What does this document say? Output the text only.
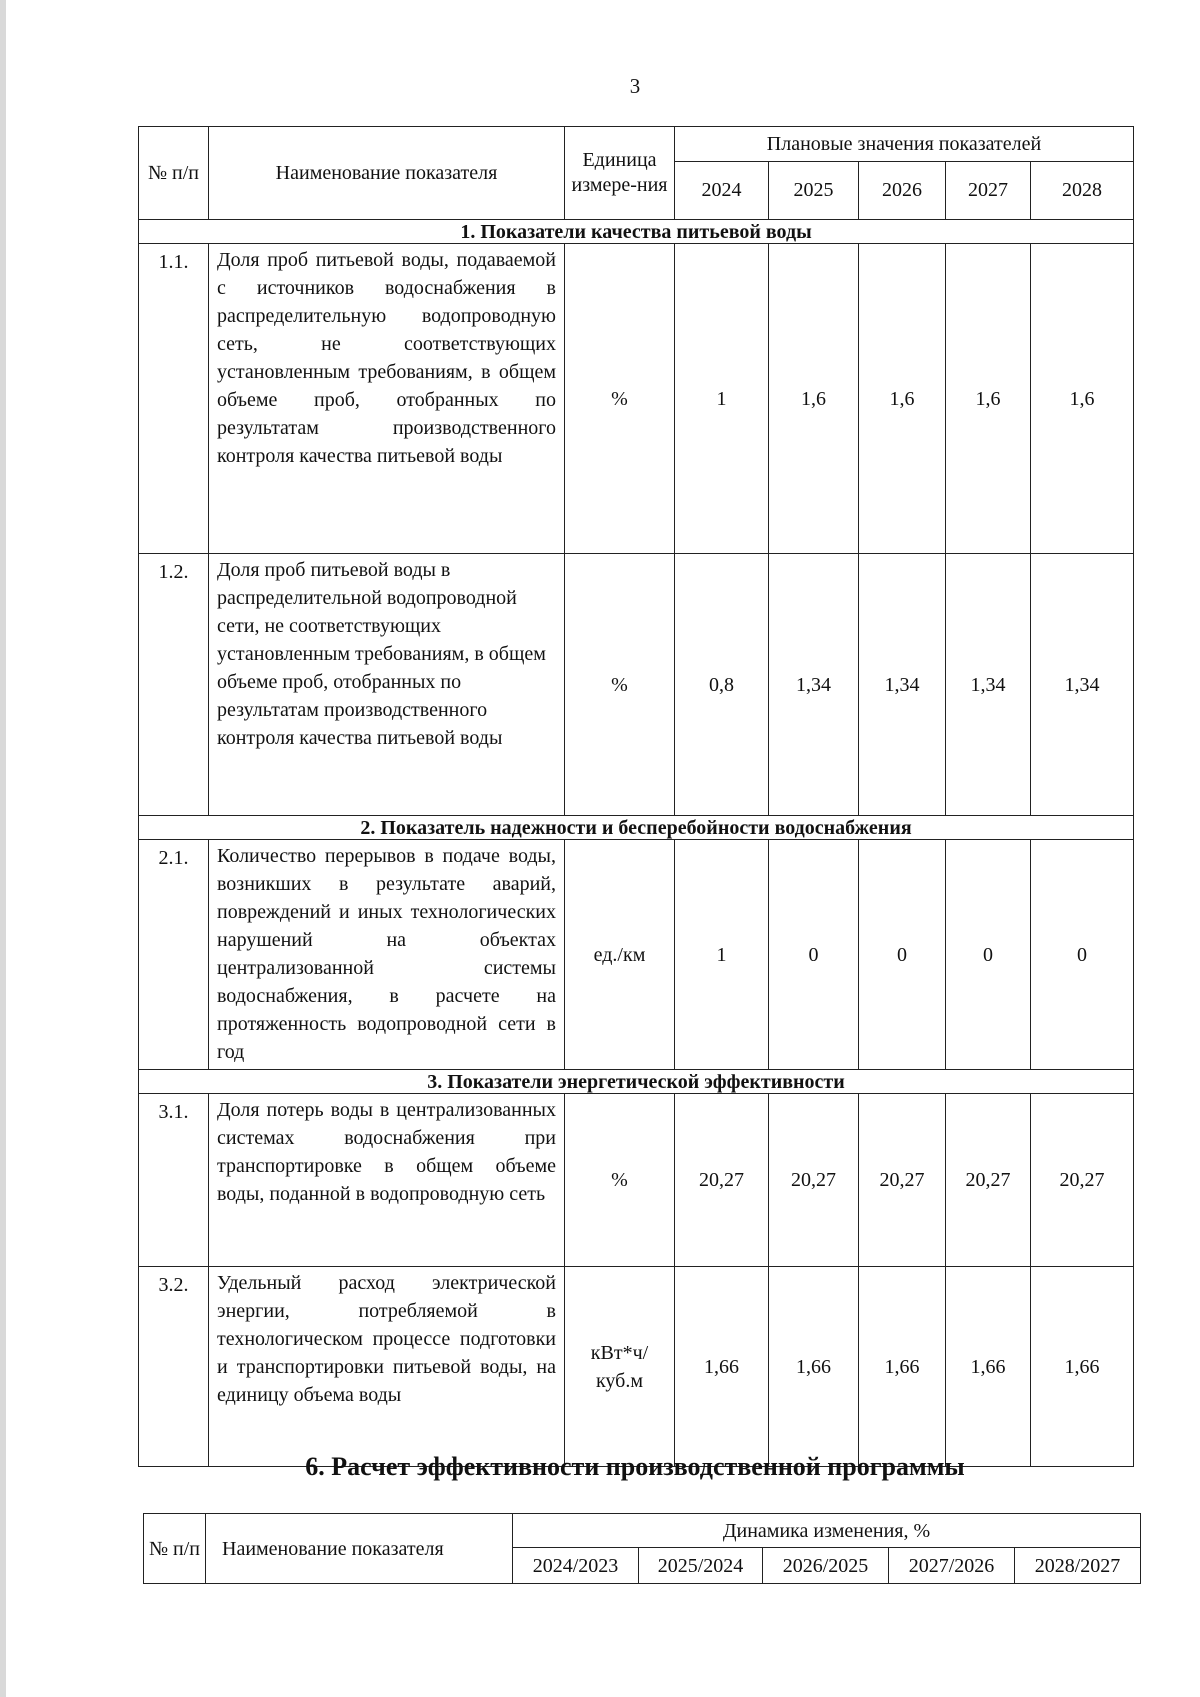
3
№ п/п	Наименование показателя	Единица измере-ния	Плановые значения показателей				
			2024	2025	2026	2027	2028
1. Показатели качества питьевой воды							
1.1.	Доля проб питьевой воды, подаваемой с источников водоснабжения в распределительную водопроводную сеть, не соответствующих установленным требованиям, в общем объеме проб, отобранных по результатам производственного контроля качества питьевой воды	%	1	1,6	1,6	1,6	1,6
1.2.	Доля проб питьевой воды в распределительной водопроводной сети, не соответствующих установленным требованиям, в общем объеме проб, отобранных по результатам производственного контроля качества питьевой воды	%	0,8	1,34	1,34	1,34	1,34
2. Показатель надежности и бесперебойности водоснабжения							
2.1.	Количество перерывов в подаче воды, возникших в результате аварий, повреждений и иных технологических нарушений на объектах централизованной системы водоснабжения, в расчете на протяженность водопроводной сети в год	ед./км	1	0	0	0	0
3. Показатели энергетической эффективности							
3.1.	Доля потерь воды в централизованных системах водоснабжения при транспортировке в общем объеме воды, поданной в водопроводную сеть	%	20,27	20,27	20,27	20,27	20,27
3.2.	Удельный расход электрической энергии, потребляемой в технологическом процессе подготовки и транспортировки питьевой воды, на единицу объема воды	кВт*ч/ куб.м	1,66	1,66	1,66	1,66	1,66
6. Расчет эффективности производственной программы
№ п/п	Наименование показателя	Динамика изменения, %				
		2024/2023	2025/2024	2026/2025	2027/2026	2028/2027
